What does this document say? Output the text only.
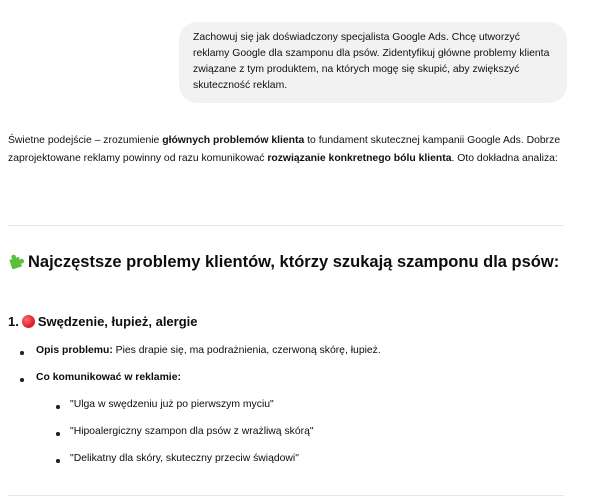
Zachowuj się jak doświadczony specjalista Google Ads. Chcę utworzyć reklamy Google dla szamponu dla psów. Zidentyfikuj główne problemy klienta związane z tym produktem, na których mogę się skupić, aby zwiększyć skuteczność reklam.

Świetne podejście – zrozumienie głównych problemów klienta to fundament skutecznej kampanii Google Ads. Dobrze zaprojektowane reklamy powinny od razu komunikować rozwiązanie konkretnego bólu klienta. Oto dokładna analiza:

Najczęstsze problemy klientów, którzy szukają szamponu dla psów:
1. Swędzenie, łupież, alergie
Opis problemu: Pies drapie się, ma podrażnienia, czerwoną skórę, łupież.
Co komunikować w reklamie:
"Ulga w swędzeniu już po pierwszym myciu"
"Hipoalergiczny szampon dla psów z wrażliwą skórą"
"Delikatny dla skóry, skuteczny przeciw świądowi"
